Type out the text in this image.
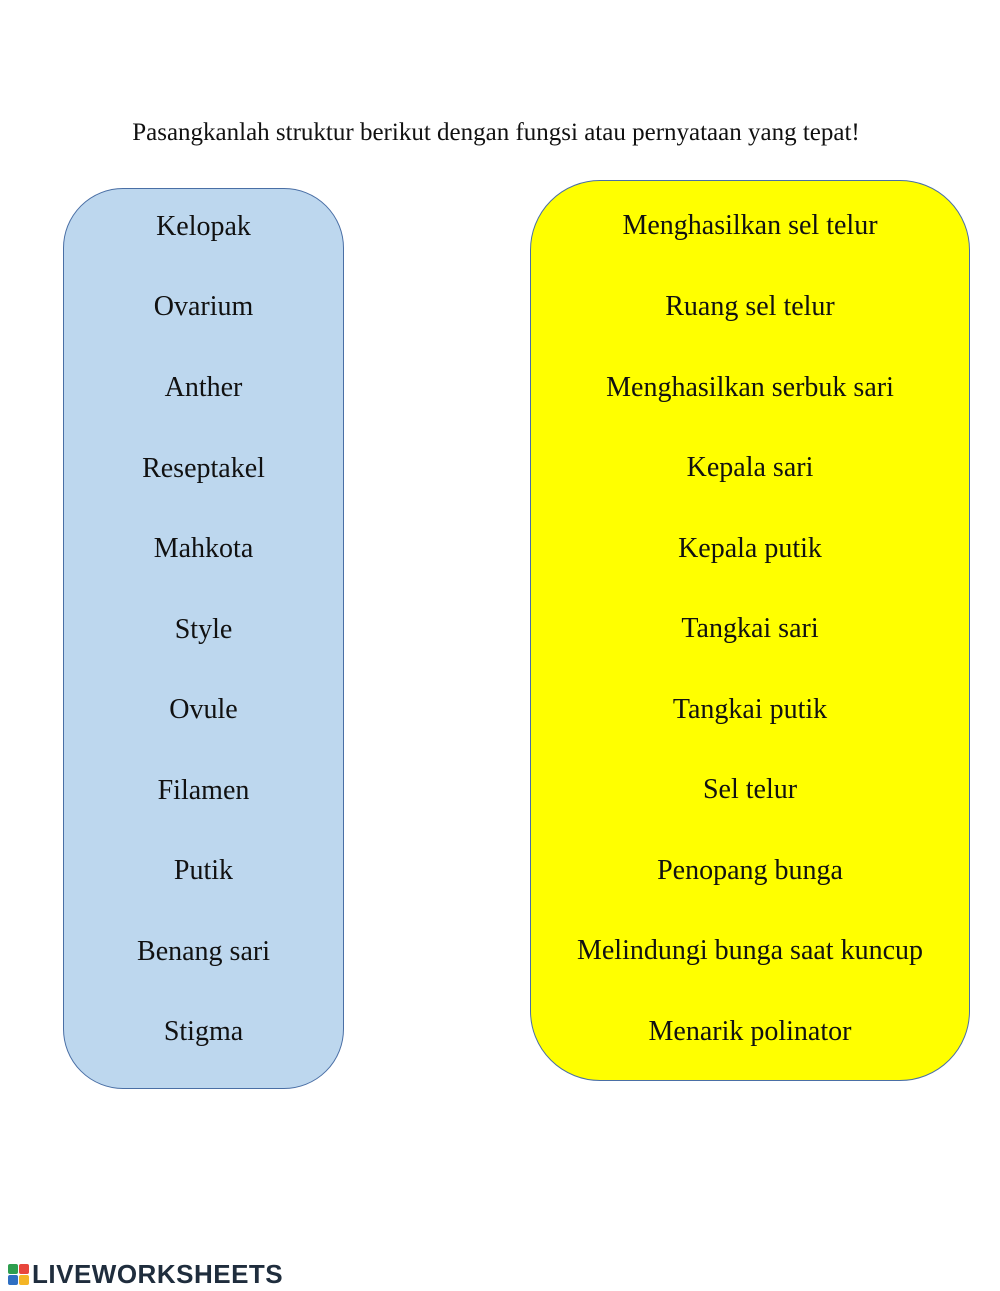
Pasangkanlah struktur berikut dengan fungsi atau pernyataan yang tepat!
Kelopak
Ovarium
Anther
Reseptakel
Mahkota
Style
Ovule
Filamen
Putik
Benang sari
Stigma
Menghasilkan sel telur
Ruang sel telur
Menghasilkan serbuk sari
Kepala sari
Kepala putik
Tangkai sari
Tangkai putik
Sel telur
Penopang bunga
Melindungi bunga saat kuncup
Menarik polinator
LIVEWORKSHEETS
